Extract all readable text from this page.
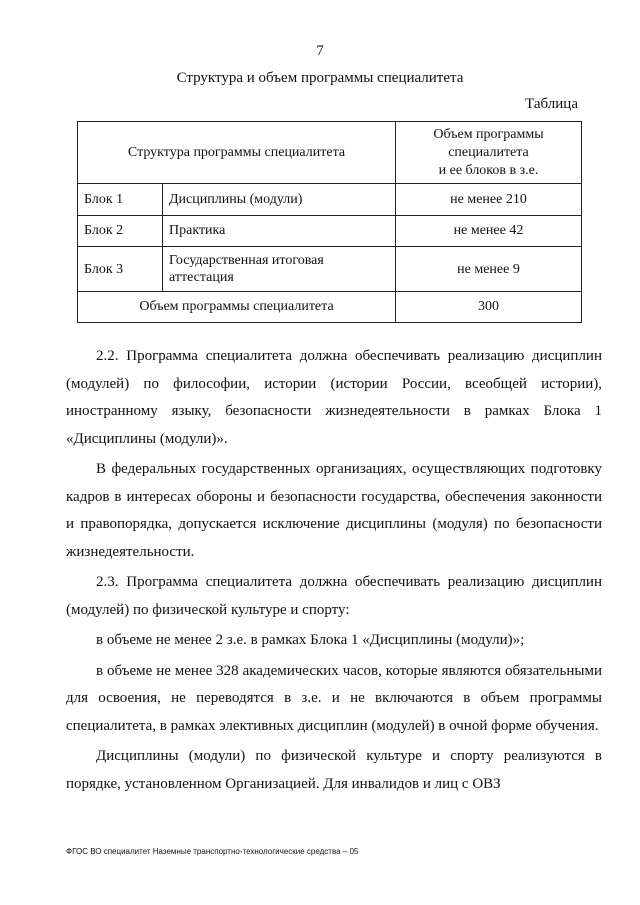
7
Структура и объем программы специалитета
Таблица
Структура программы специалитета		Объем программы
специалитета
и ее блоков в з.е.
Блок 1	Дисциплины (модули)	не менее 210
Блок 2	Практика	не менее 42
Блок 3	Государственная итоговая аттестация	не менее 9
Объем программы специалитета		300

2.2. Программа специалитета должна обеспечивать реализацию дисциплин (модулей) по философии, истории (истории России, всеобщей истории), иностранному языку, безопасности жизнедеятельности в рамках Блока 1 «Дисциплины (модули)».

В федеральных государственных организациях, осуществляющих подготовку кадров в интересах обороны и безопасности государства, обеспечения законности и правопорядка, допускается исключение дисциплины (модуля) по безопасности жизнедеятельности.

2.3. Программа специалитета должна обеспечивать реализацию дисциплин (модулей) по физической культуре и спорту:

в объеме не менее 2 з.е. в рамках Блока 1 «Дисциплины (модули)»;

в объеме не менее 328 академических часов, которые являются обязательными для освоения, не переводятся в з.е. и не включаются в объем программы специалитета, в рамках элективных дисциплин (модулей) в очной форме обучения.

Дисциплины (модули) по физической культуре и спорту реализуются в порядке, установленном Организацией. Для инвалидов и лиц с ОВЗ

ФГОС ВО специалитет Наземные транспортно-технологические средства – 05
